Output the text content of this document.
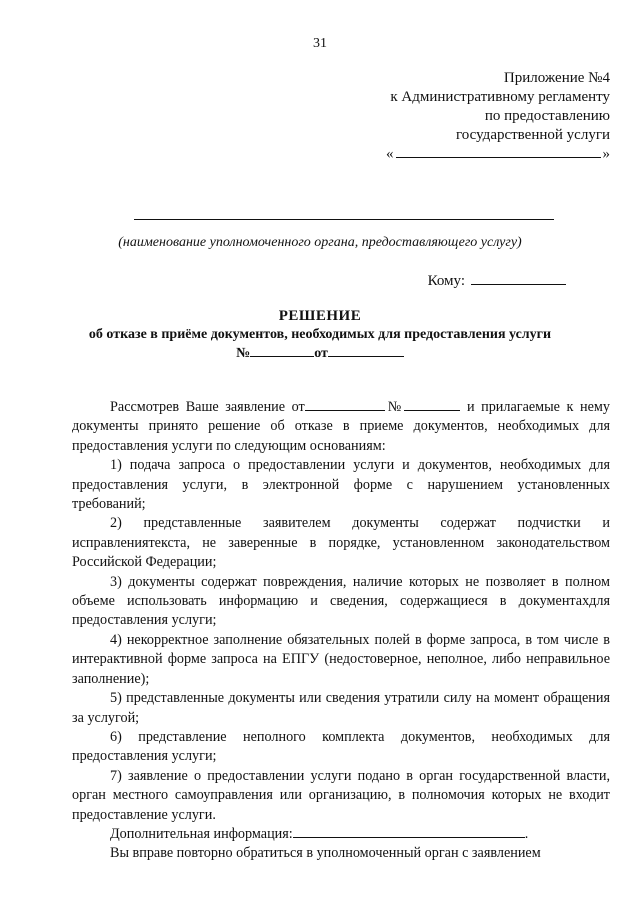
31
Приложение №4
к Административному регламенту
по предоставлению
государственной услуги
«	»
(наименование уполномоченного органа, предоставляющего услугу)
Кому:
РЕШЕНИЕ
об отказе в приёме документов, необходимых для предоставления услуги
№	от

Рассмотрев Ваше заявление от	№	и прилагаемые к нему документы принято решение об отказе в приеме документов, необходимых для предоставления услуги по следующим основаниям:

1) подача запроса о предоставлении услуги и документов, необходимых для предоставления услуги, в электронной форме с нарушением установленных требований;

2) представленные заявителем документы содержат подчистки и исправлениятекста, не заверенные в порядке, установленном законодательством Российской Федерации;

3) документы содержат повреждения, наличие которых не позволяет в полном объеме использовать информацию и сведения, содержащиеся в документахдля предоставления услуги;

4) некорректное заполнение обязательных полей в форме запроса, в том числе в интерактивной форме запроса на ЕПГУ (недостоверное, неполное, либо неправильное заполнение);

5) представленные документы или сведения утратили силу на момент обращения за услугой;

6) представление неполного комплекта документов, необходимых для предоставления услуги;

7) заявление о предоставлении услуги подано в орган государственной власти, орган местного самоуправления или организацию, в полномочия которых не входит предоставление услуги.

Дополнительная информация:	.

Вы вправе повторно обратиться в уполномоченный орган с заявлением
